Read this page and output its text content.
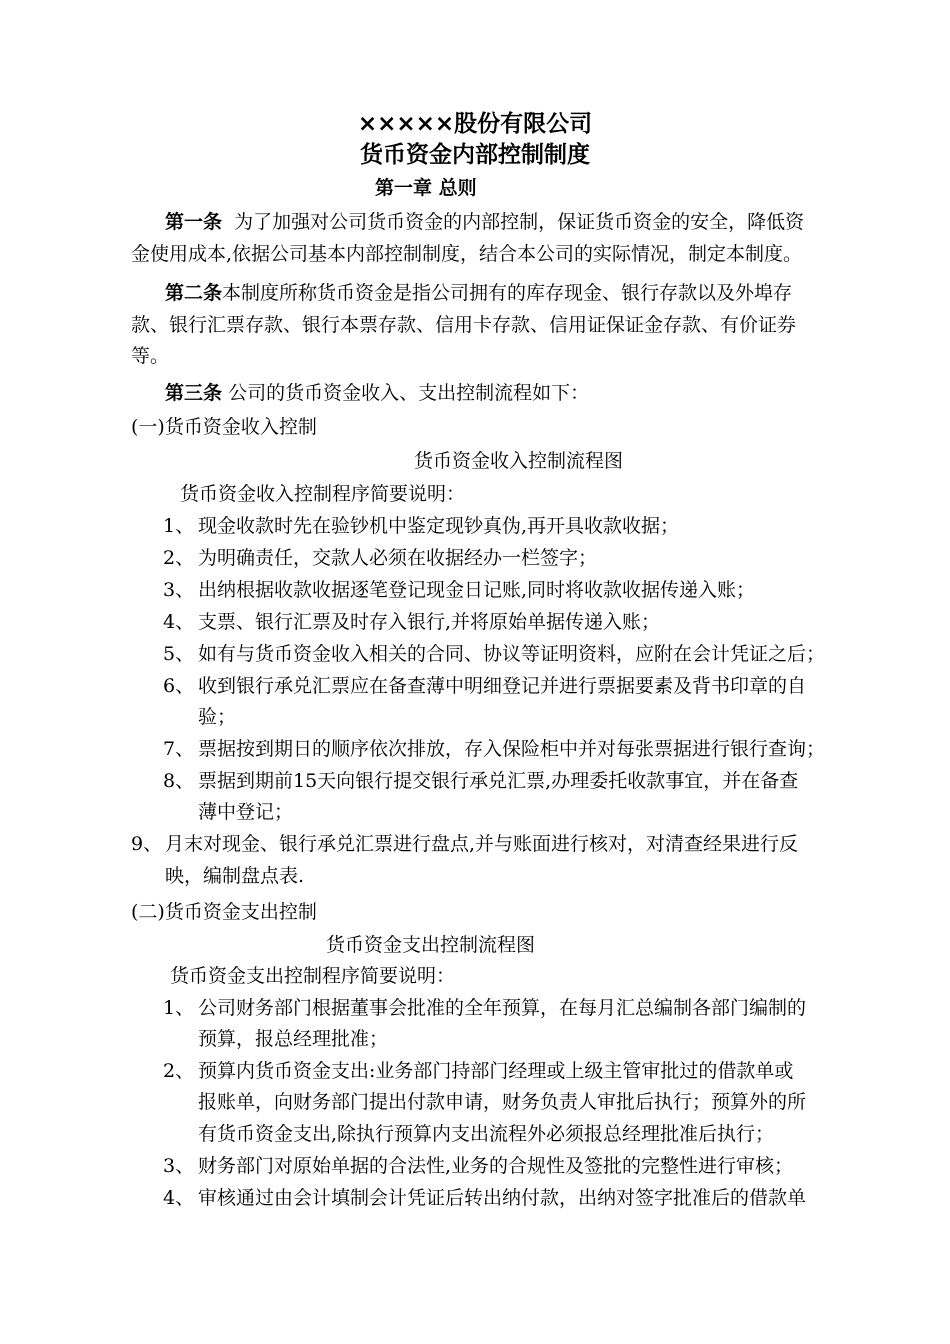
×××××股份有限公司
货币资金内部控制制度
第一章 总则
第一条 为了加强对公司货币资金的内部控制，保证货币资金的安全，降低资
金使用成本,依据公司基本内部控制制度，结合本公司的实际情况，制定本制度。
第二条本制度所称货币资金是指公司拥有的库存现金、银行存款以及外埠存
款、银行汇票存款、银行本票存款、信用卡存款、信用证保证金存款、有价证券
等。
第三条 公司的货币资金收入、支出控制流程如下：
(一)货币资金收入控制
货币资金收入控制流程图
货币资金收入控制程序简要说明：
1、 现金收款时先在验钞机中鉴定现钞真伪,再开具收款收据；
2、 为明确责任，交款人必须在收据经办一栏签字；
3、 出纳根据收款收据逐笔登记现金日记账,同时将收款收据传递入账；
4、 支票、银行汇票及时存入银行,并将原始单据传递入账；
5、 如有与货币资金收入相关的合同、协议等证明资料，应附在会计凭证之后；
6、 收到银行承兑汇票应在备查薄中明细登记并进行票据要素及背书印章的自
验；
7、 票据按到期日的顺序依次排放，存入保险柜中并对每张票据进行银行查询；
8、 票据到期前15天向银行提交银行承兑汇票,办理委托收款事宜，并在备查
薄中登记；
9、 月末对现金、银行承兑汇票进行盘点,并与账面进行核对，对清查经果进行反
映，编制盘点表.
(二)货币资金支出控制
货币资金支出控制流程图
货币资金支出控制程序简要说明：
1、 公司财务部门根据董事会批准的全年预算，在每月汇总编制各部门编制的
预算，报总经理批准；
2、 预算内货币资金支出:业务部门持部门经理或上级主管审批过的借款单或
报账单，向财务部门提出付款申请，财务负责人审批后执行；预算外的所
有货币资金支出,除执行预算内支出流程外必须报总经理批准后执行；
3、 财务部门对原始单据的合法性,业务的合规性及签批的完整性进行审核；
4、 审核通过由会计填制会计凭证后转出纳付款，出纳对签字批准后的借款单
